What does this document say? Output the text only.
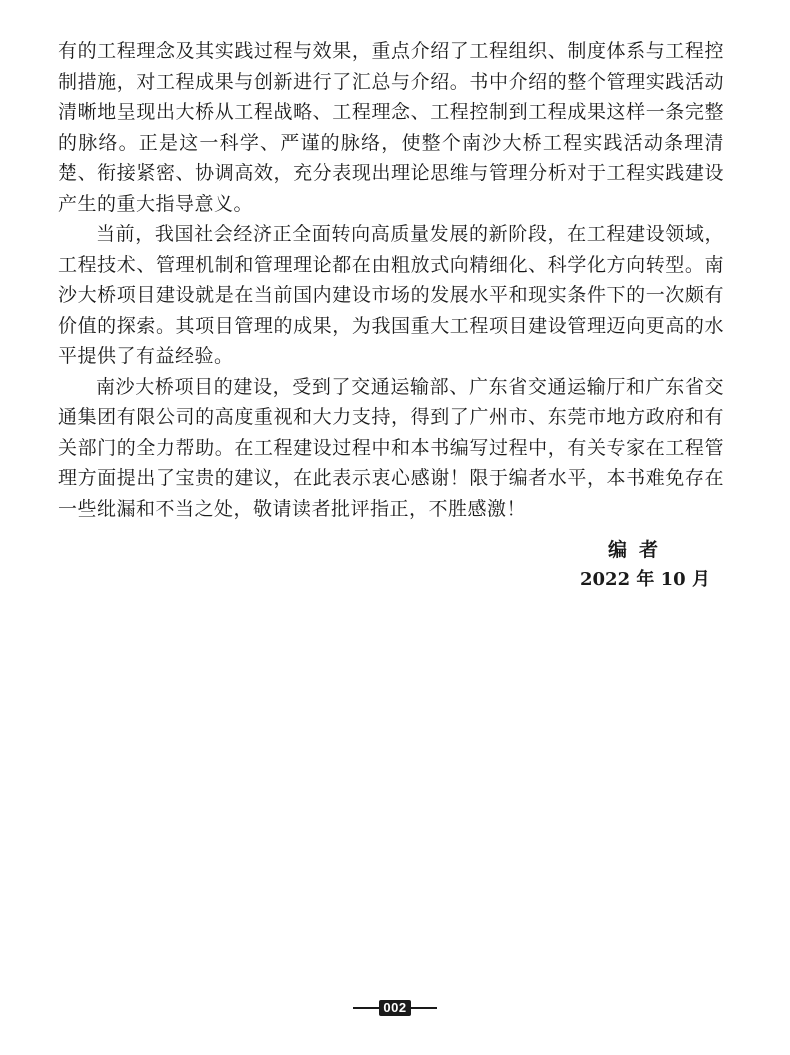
有的工程理念及其实践过程与效果，重点介绍了工程组织、制度体系与工程控制措施，对工程成果与创新进行了汇总与介绍。书中介绍的整个管理实践活动清晰地呈现出大桥从工程战略、工程理念、工程控制到工程成果这样一条完整的脉络。正是这一科学、严谨的脉络，使整个南沙大桥工程实践活动条理清楚、衔接紧密、协调高效，充分表现出理论思维与管理分析对于工程实践建设产生的重大指导意义。

当前，我国社会经济正全面转向高质量发展的新阶段，在工程建设领域，工程技术、管理机制和管理理论都在由粗放式向精细化、科学化方向转型。南沙大桥项目建设就是在当前国内建设市场的发展水平和现实条件下的一次颇有价值的探索。其项目管理的成果，为我国重大工程项目建设管理迈向更高的水平提供了有益经验。

南沙大桥项目的建设，受到了交通运输部、广东省交通运输厅和广东省交通集团有限公司的高度重视和大力支持，得到了广州市、东莞市地方政府和有关部门的全力帮助。在工程建设过程中和本书编写过程中，有关专家在工程管理方面提出了宝贵的建议，在此表示衷心感谢！限于编者水平，本书难免存在一些纰漏和不当之处，敬请读者批评指正，不胜感激！

编者
2022 年 10 月
002
